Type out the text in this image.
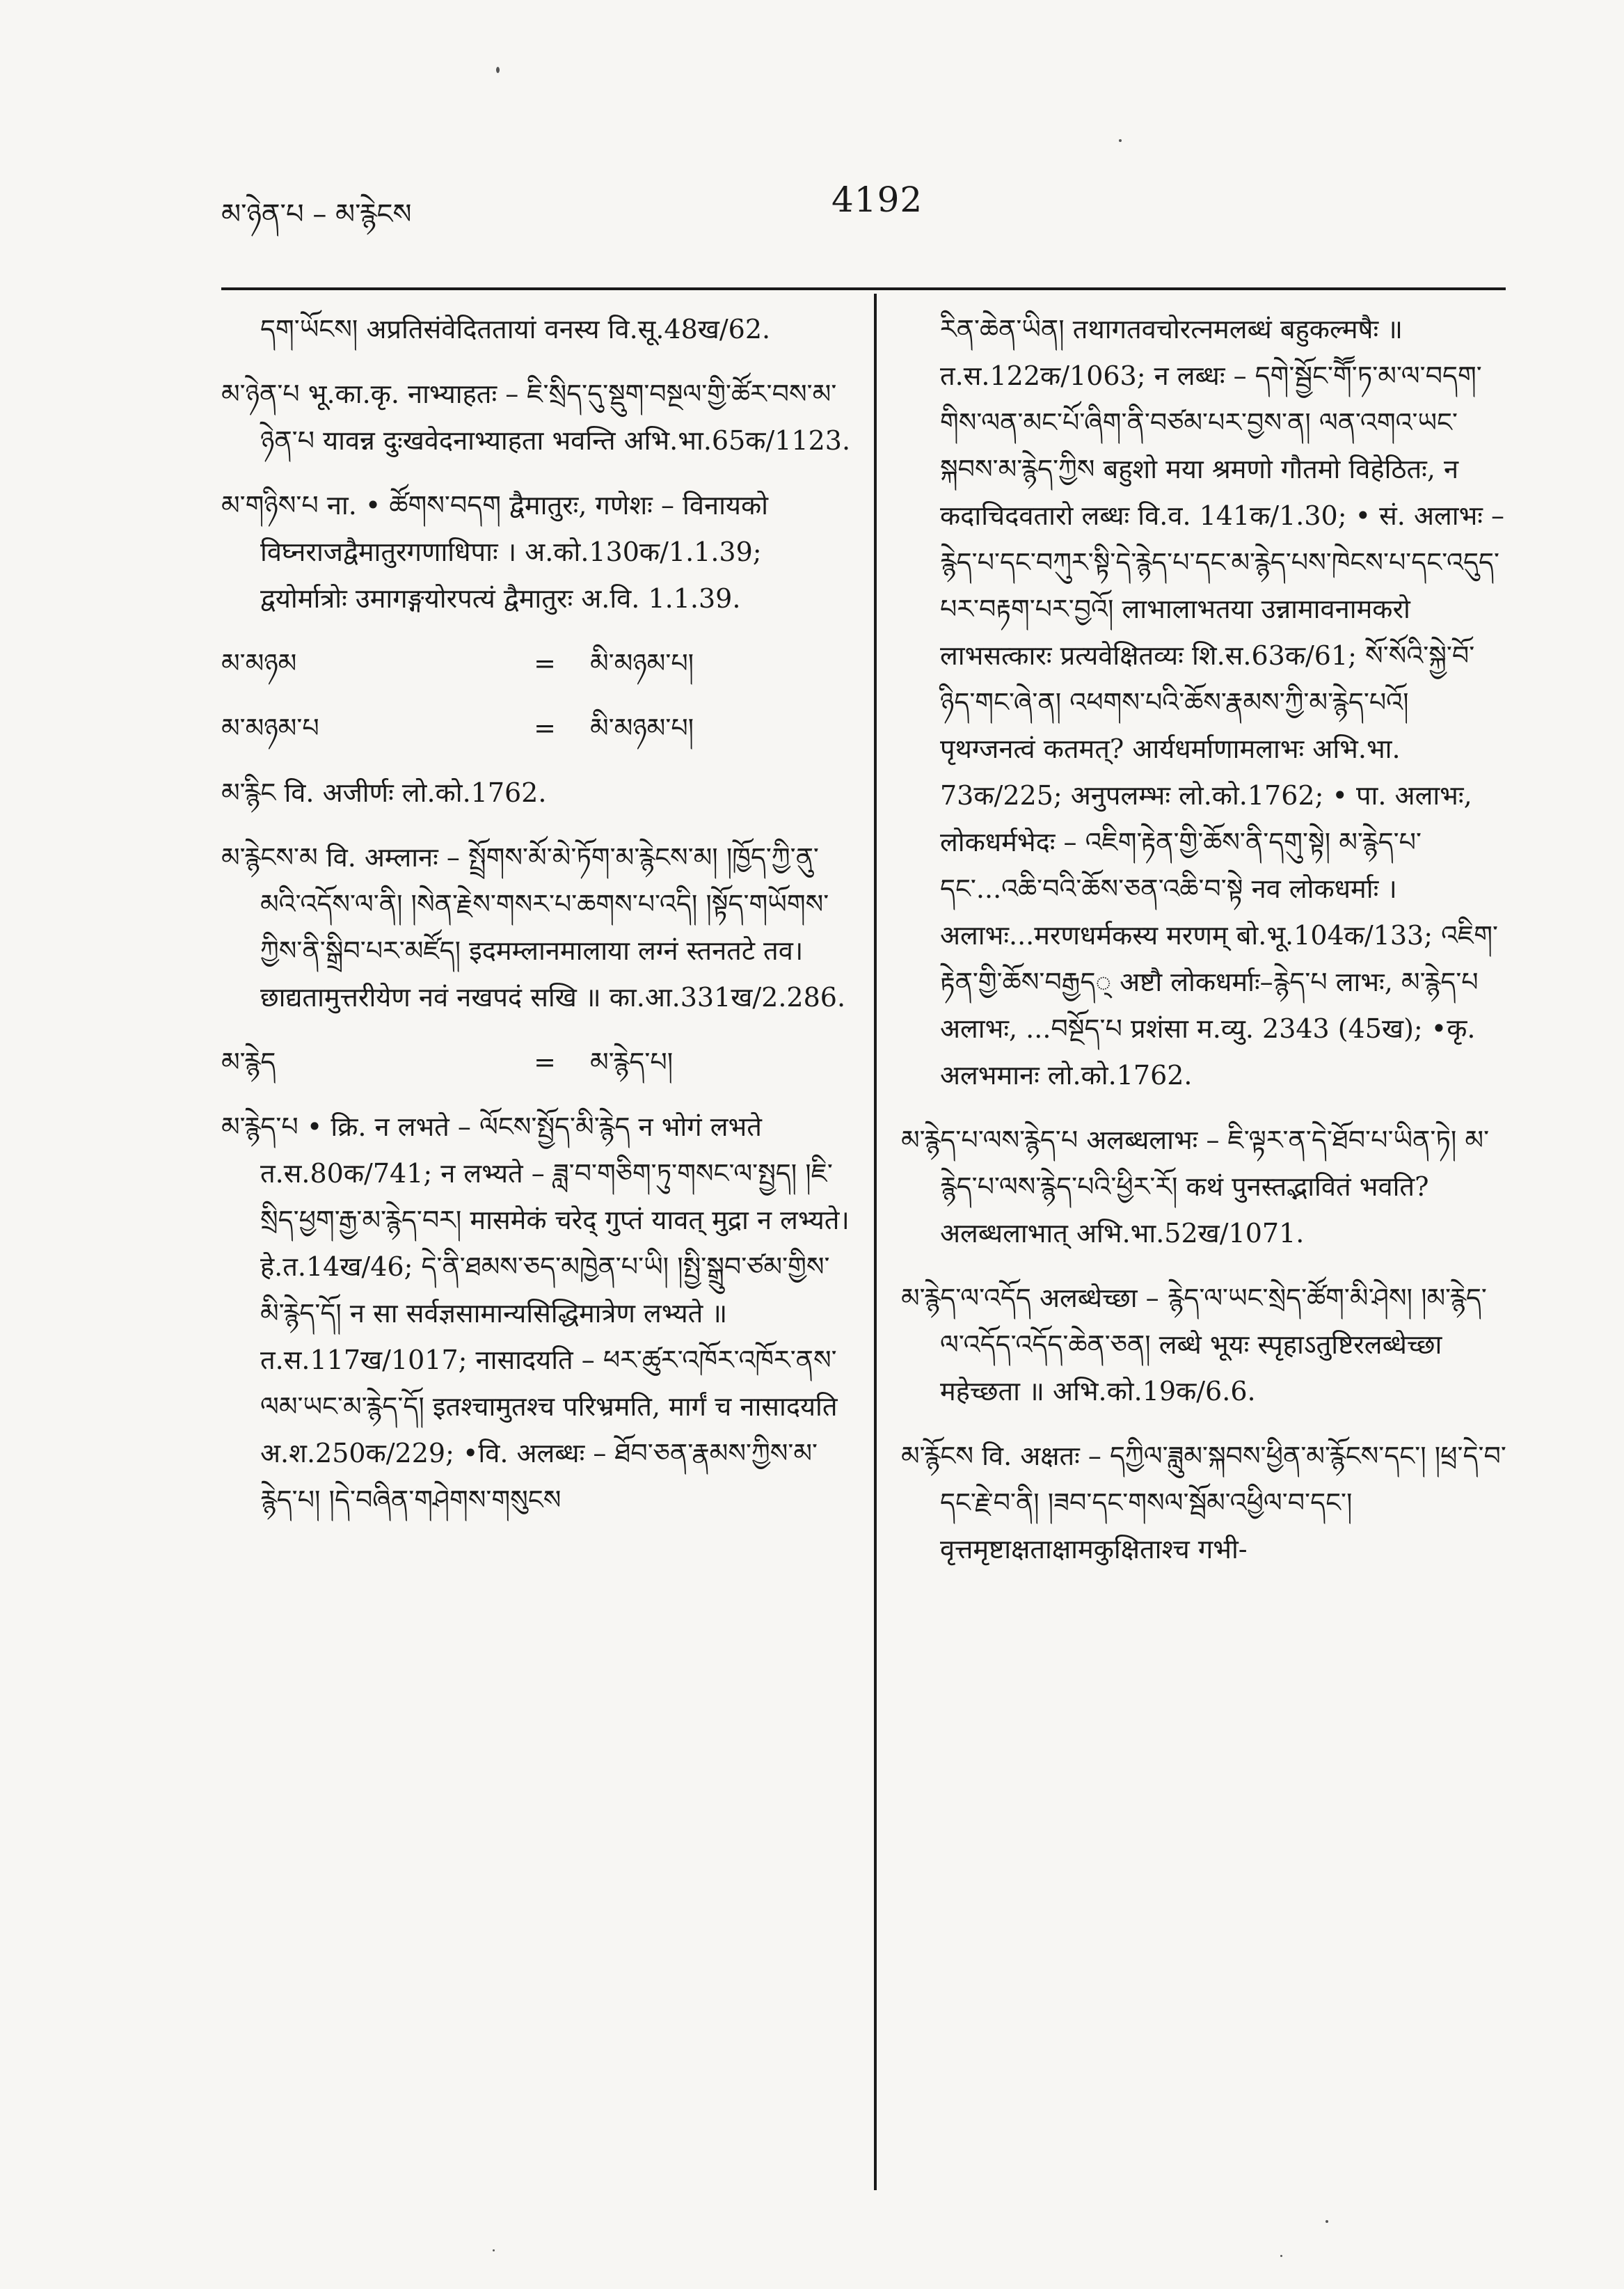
མ་ཉེན་པ – མ་རྙེངས	4192
དག་ཡོངས། अप्रतिसंवेदिततायां वनस्य वि.सू.48ख/62.
མ་ཉེན་པ भू.का.कृ. नाभ्याहतः – ཇི་སྲིད་དུ་སྡུག་བསྔལ་གྱི་ཚོར་བས་མ་ཉེན་པ यावन्न दुःखवेदनाभ्याहता भवन्ति अभि.भा.65क/1123.
མ་གཉིས་པ ना. • ཚོགས་བདག द्वैमातुरः, गणेशः – विनायको विघ्नराजद्वैमातुरगणाधिपाः । अ.को.130क/1.1.39; द्वयोर्मात्रोः उमागङ्गयोरपत्यं द्वैमातुरः अ.वि. 1.1.39.
མ་མཉམ	=	མི་མཉམ་པ།
མ་མཉམ་པ	=	མི་མཉམ་པ།
མ་རྙིང वि. अजीर्णः लो.को.1762.
མ་རྙེངས་མ वि. अम्लानः – སྤྲོགས་མོ་མེ་ཏོག་མ་རྙེངས་མ། །ཁྱོད་ཀྱི་ནུ་མའི་འདོས་ལ་ནི། །སེན་རྗེས་གསར་པ་ཆགས་པ་འདི། །སྟོད་གཡོགས་ཀྱིས་ནི་སྒྲིབ་པར་མཛོད། इदमम्लानमालाया लग्नं स्तनतटे तव। छाद्यतामुत्तरीयेण नवं नखपदं सखि ॥ का.आ.331ख/2.286.
མ་རྙེད	=	མ་རྙེད་པ།
མ་རྙེད་པ • क्रि. न लभते – ལོངས་སྤྱོད་མི་རྙེད न भोगं लभते त.स.80क/741; न लभ्यते – ཟླ་བ་གཅིག་ཏུ་གསང་ལ་སྤྱད། །ཇི་སྲིད་ཕྱག་རྒྱ་མ་རྙེད་བར། मासमेकं चरेद् गुप्तं यावत् मुद्रा न लभ्यते। हे.त.14ख/46; དེ་ནི་ཐམས་ཅད་མཁྱེན་པ་ཡི། །སྤྱི་སྒྲུབ་ཙམ་གྱིས་མི་རྙེད་དོ། न सा सर्वज्ञसामान्यसिद्धिमात्रेण लभ्यते ॥ त.स.117ख/1017; नासादयति – ཕར་ཚུར་འཁོར་འཁོར་ནས་ལམ་ཡང་མ་རྙེད་དོ། इतश्चामुतश्च परिभ्रमति, मार्गं च नासादयति अ.श.250क/229; •वि. अलब्धः – ཐོབ་ཅན་རྣམས་ཀྱིས་མ་རྙེད་པ། །དེ་བཞིན་གཤེགས་གསུངས
རིན་ཆེན་ཡིན། तथागतवचोरत्नमलब्धं बहुकल्मषैः ॥ त.स.122क/1063; न लब्धः – དགེ་སྦྱོང་གཽ་ཏ་མ་ལ་བདག་གིས་ལན་མང་པོ་ཞིག་ནི་བཙམ་པར་བྱས་ན། ལན་འགའ་ཡང་སྐབས་མ་རྙེད་ཀྱིས बहुशो मया श्रमणो गौतमो विहेठितः, न कदाचिदवतारो लब्धः वि.व. 141क/1.30; • सं. अलाभः – རྙེད་པ་དང་བཀུར་སྟི་དེ་རྙེད་པ་དང་མ་རྙེད་པས་ཁེངས་པ་དང་འདུད་པར་བརྟག་པར་བྱའོ། लाभालाभतया उन्नामावनामकरो लाभसत्कारः प्रत्यवेक्षितव्यः शि.स.63क/61; སོ་སོའི་སྐྱེ་བོ་ཉིད་གང་ཞེ་ན། འཕགས་པའི་ཆོས་རྣམས་ཀྱི་མ་རྙེད་པའོ། पृथग्जनत्वं कतमत्? आर्यधर्माणामलाभः अभि.भा. 73क/225; अनुपलम्भः लो.को.1762; • पा. अलाभः, लोकधर्मभेदः – འཇིག་རྟེན་གྱི་ཆོས་ནི་དགུ་སྟེ། མ་རྙེད་པ་དང་...འཆི་བའི་ཆོས་ཅན་འཆི་བ་སྟེ नव लोकधर्माः । अलाभः...मरणधर्मकस्य मरणम् बो.भू.104क/133; འཇིག་རྟེན་གྱི་ཆོས་བརྒྱད् अष्टौ लोकधर्माः–རྙེད་པ लाभः, མ་རྙེད་པ अलाभः, ...བསྔོད་པ प्रशंसा म.व्यु. 2343 (45ख); •कृ. अलभमानः लो.को.1762.
མ་རྙེད་པ་ལས་རྙེད་པ अलब्धलाभः – ཇི་ལྟར་ན་དེ་ཐོབ་པ་ཡིན་ཏེ། མ་རྙེད་པ་ལས་རྙེད་པའི་ཕྱིར་རོ། कथं पुनस्तद्भावितं भवति? अलब्धलाभात् अभि.भा.52ख/1071.
མ་རྙེད་ལ་འདོད अलब्धेच्छा – རྙེད་ལ་ཡང་སྲེད་ཚོག་མི་ཤེས། །མ་རྙེད་ལ་འདོད་འདོད་ཆེན་ཅན། लब्धे भूयः स्पृहाऽतुष्टिरलब्धेच्छा महेच्छता ॥ अभि.को.19क/6.6.
མ་རྙོངས वि. अक्षतः – དཀྱིལ་ཟླུམ་སྐབས་ཕྱིན་མ་རྙོངས་དང་། །ཕྲ་དེ་བ་དང་རྗེ་བ་ནི། །ཟབ་དང་གསལ་སྦོམ་འཕྱིལ་བ་དང་། वृत्तमृष्टाक्षताक्षामकुक्षिताश्च गभी-
